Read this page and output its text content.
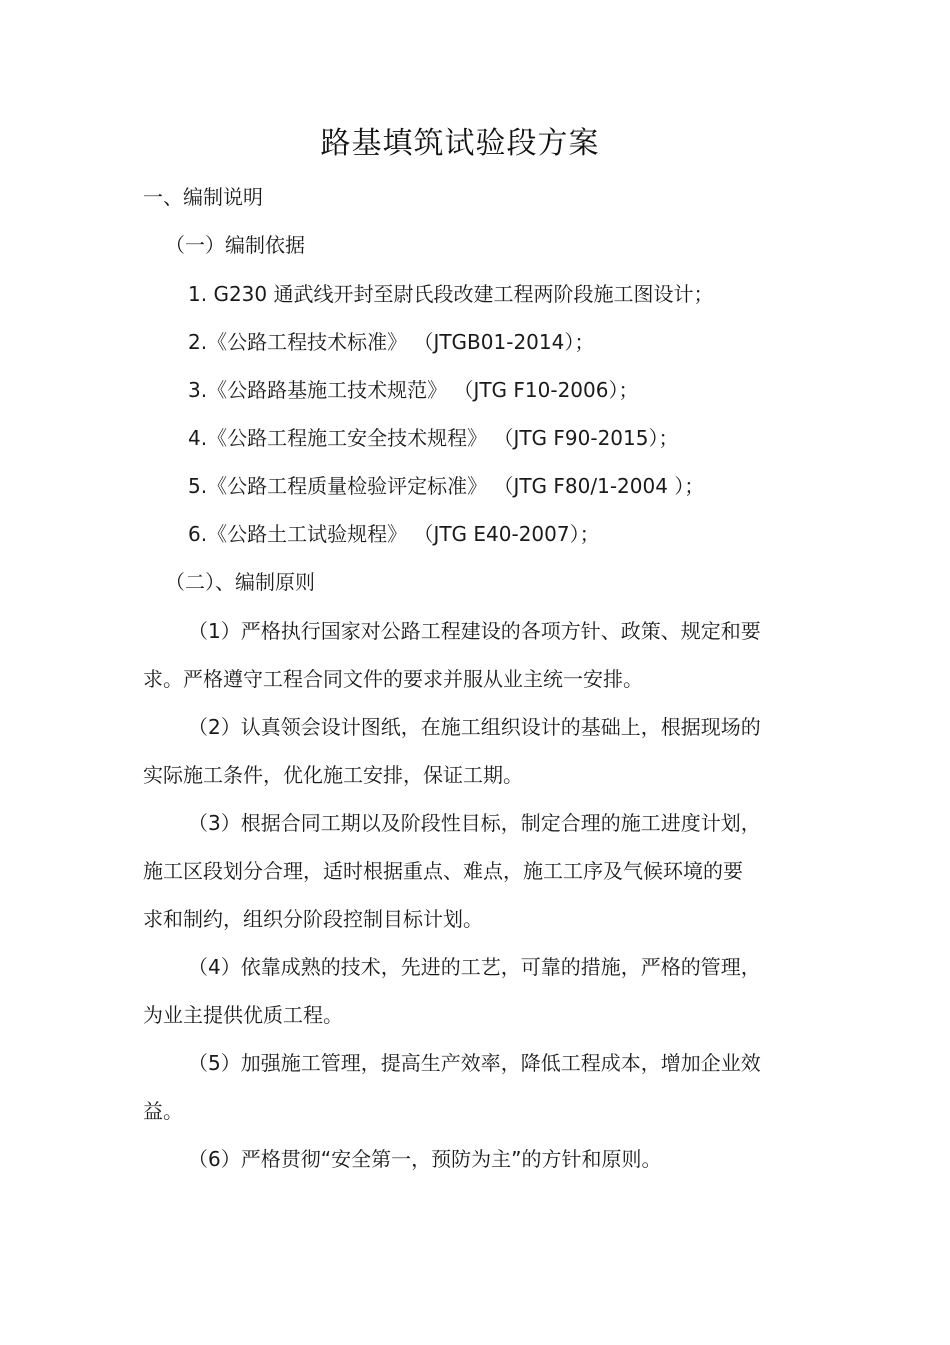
路基填筑试验段方案
一、编制说明
（一）编制依据
1. G230 通武线开封至尉氏段改建工程两阶段施工图设计；
2.《公路工程技术标准》 （JTGB01-2014）；
3.《公路路基施工技术规范》 （JTG F10-2006）；
4.《公路工程施工安全技术规程》 （JTG F90-2015）；
5.《公路工程质量检验评定标准》 （JTG F80/1-2004 ）；
6.《公路土工试验规程》 （JTG E40-2007）；
（二）、编制原则
（1）严格执行国家对公路工程建设的各项方针、政策、规定和要
求。严格遵守工程合同文件的要求并服从业主统一安排。
（2）认真领会设计图纸，在施工组织设计的基础上，根据现场的
实际施工条件，优化施工安排，保证工期。
（3）根据合同工期以及阶段性目标，制定合理的施工进度计划，
施工区段划分合理，适时根据重点、难点，施工工序及气候环境的要
求和制约，组织分阶段控制目标计划。
（4）依靠成熟的技术，先进的工艺，可靠的措施，严格的管理，
为业主提供优质工程。
（5）加强施工管理，提高生产效率，降低工程成本，增加企业效
益。
（6）严格贯彻“安全第一，预防为主”的方针和原则。
